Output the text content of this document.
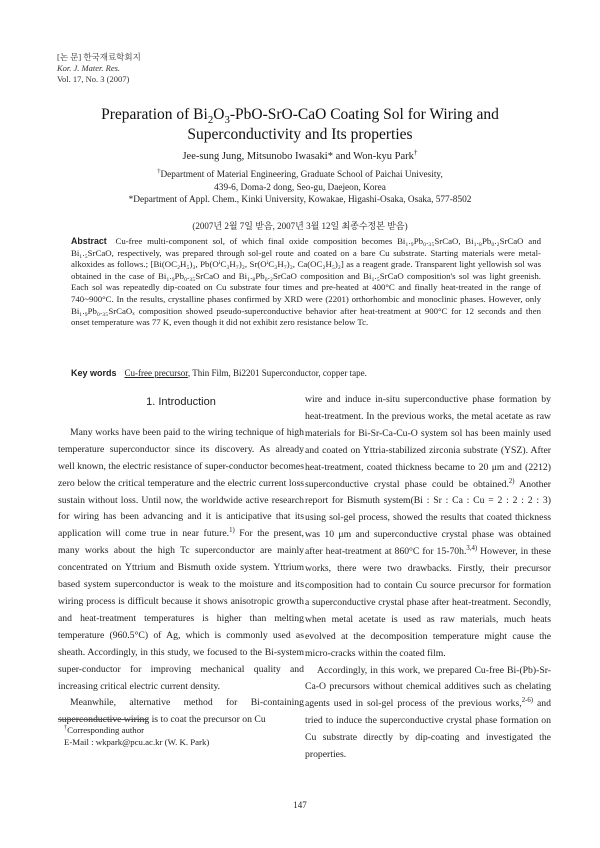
[논 문] 한국재료학회지
Kor. J. Mater. Res.
Vol. 17, No. 3 (2007)
Preparation of $Bi_2O_3-PbO-SrO$-CaO Coating Sol for Wiring and
Superconductivity and Its properties
Jee-sung Jung, Mitsunobo Iwasaki* and Won-kyu Park†
†Department of Material Engineering, Graduate School of Paichai Univesity,
439-6, Doma-2 dong, Seo-gu, Daejeon, Korea
*Department of Appl. Chem., Kinki University, Kowakae, Higashi-Osaka, Osaka, 577-8502
(2007년 2월 7일 받음, 2007년 3월 12일 최종수정본 받음)
Abstract Cu-free multi-component sol, of which final oxide composition becomes Bi₁.₉Pb₀.₃₅SrCaO, Bi₁.₈Pb₀.₂SrCaO and Bi₁.₅SrCaO, respectively, was prepared through sol-gel route and coated on a bare Cu substrate. Starting materials were metal-alkoxides as follows.; [Bi(OC₂H₅)₃, Pb(OⁱC₃H₇)₂, Sr(OⁱC₃H₇)₂, Ca(OC₂H₅)₂] as a reagent grade. Transparent light yellowish sol was obtained in the case of Bi₁.₉Pb₀.₃₅SrCaO and Bi₁.₈Pb₀.₂SrCaO composition and Bi₁.₅SrCaO composition's sol was light greenish. Each sol was repeatedly dip-coated on Cu substrate four times and pre-heated at 400°C and finally heat-treated in the range of 740~900°C. In the results, crystalline phases confirmed by XRD were (2201) orthorhombic and monoclinic phases. However, only Bi₁.₉Pb₀.₃₅SrCaOₓ composition showed pseudo-superconductive behavior after heat-treatment at 900°C for 12 seconds and then onset temperature was 77 K, even though it did not exhibit zero resistance below Tc.
Key words Cu-free precursor, Thin Film, Bi2201 Superconductor, copper tape.
1. Introduction

Many works have been paid to the wiring technique of high temperature superconductor since its discovery. As already well known, the electric resistance of super-conductor becomes zero below the critical temperature and the electric current loss sustain without loss. Until now, the worldwide active research for wiring has been advancing and it is anticipative that its application will come true in near future.$^{1)}$ For the present, many works about the high Tc superconductor are mainly concentrated on Yttrium and Bismuth oxide system. Yttrium based system superconductor is weak to the moisture and its wiring process is difficult because it shows anisotropic growth and heat-treatment temperatures is higher than melting temperature (960.5°C) of Ag, which is commonly used as sheath. Accordingly, in this study, we focused to the Bi-system super-conductor for improving mechanical quality and increasing critical electric current density.

Meanwhile, alternative method for Bi-containing superconductive wiring is to coat the precursor on Cu

wire and induce in-situ superconductive phase formation by heat-treatment. In the previous works, the metal acetate as raw materials for Bi-Sr-Ca-Cu-O system sol has been mainly used and coated on Yttria-stabilized zirconia substrate (YSZ). After heat-treatment, coated thickness became to 20 μm and (2212) superconductive crystal phase could be obtained.$^{2)}$ Another report for Bismuth system(Bi : Sr : Ca : Cu = 2 : 2 : 2 : 3) using sol-gel process, showed the results that coated thickness was 10 μm and superconductive crystal phase was obtained after heat-treatment at 860°C for 15-70h.$^{3,4)}$ However, in these works, there were two drawbacks. Firstly, their precursor composition had to contain Cu source precursor for formation a superconductive crystal phase after heat-treatment. Secondly, when metal acetate is used as raw materials, much heats evolved at the decomposition temperature might cause the micro-cracks within the coated film.

Accordingly, in this work, we prepared Cu-free Bi-(Pb)-Sr-Ca-O precursors without chemical additives such as chelating agents used in sol-gel process of the previous works,$^{2-6)}$ and tried to induce the superconductive crystal phase formation on Cu substrate directly by dip-coating and investigated the properties.

†Corresponding author
E-Mail : wkpark@pcu.ac.kr (W. K. Park)
147
